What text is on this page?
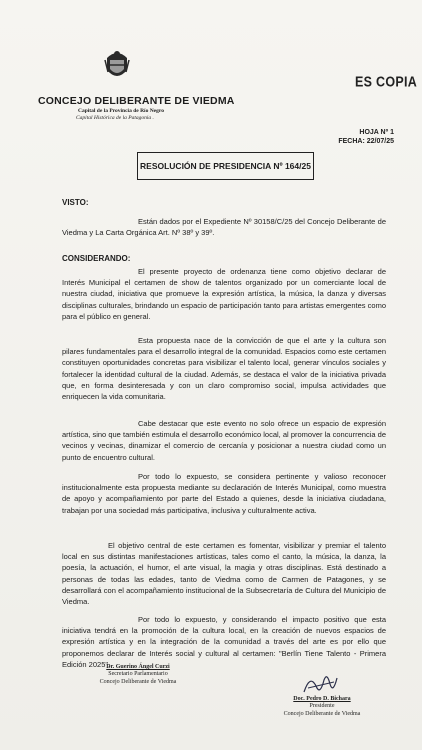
CONCEJO DELIBERANTE DE VIEDMA
Capital de la Provincia de Río Negro
Capital Histórica de la Patagonia .
ES COPIA
HOJA Nº 1
FECHA: 22/07/25
RESOLUCIÓN DE PRESIDENCIA Nº 164/25
VISTO:
Están dados por el Expediente Nº 30158/C/25 del Concejo Deliberante de Viedma y La Carta Orgánica Art. Nº 38º y 39º.
CONSIDERANDO:
El presente proyecto de ordenanza tiene como objetivo declarar de Interés Municipal el certamen de show de talentos organizado por un comerciante local de nuestra ciudad, iniciativa que promueve la expresión artística, la música, la danza y diversas disciplinas culturales, brindando un espacio de participación tanto para artistas emergentes como para el público en general.
Esta propuesta nace de la convicción de que el arte y la cultura son pilares fundamentales para el desarrollo integral de la comunidad. Espacios como este certamen constituyen oportunidades concretas para visibilizar el talento local, generar vínculos sociales y fortalecer la identidad cultural de la ciudad. Además, se destaca el valor de la iniciativa privada que, en forma desinteresada y con un claro compromiso social, impulsa actividades que enriquecen la vida comunitaria.
Cabe destacar que este evento no solo ofrece un espacio de expresión artística, sino que también estimula el desarrollo económico local, al promover la concurrencia de vecinos y vecinas, dinamizar el comercio de cercanía y posicionar a nuestra ciudad como un punto de encuentro cultural.
Por todo lo expuesto, se considera pertinente y valioso reconocer institucionalmente esta propuesta mediante su declaración de Interés Municipal, como muestra de apoyo y acompañamiento por parte del Estado a quienes, desde la iniciativa ciudadana, trabajan por una sociedad más participativa, inclusiva y culturalmente activa.
El objetivo central de este certamen es fomentar, visibilizar y premiar el talento local en sus distintas manifestaciones artísticas, tales como el canto, la música, la danza, la poesía, la actuación, el humor, el arte visual, la magia y otras disciplinas. Está destinado a personas de todas las edades, tanto de Viedma como de Carmen de Patagones, y se desarrollará con el acompañamiento institucional de la Subsecretaría de Cultura del Municipio de Viedma.
Por todo lo expuesto, y considerando el impacto positivo que esta iniciativa tendrá en la promoción de la cultura local, en la creación de nuevos espacios de expresión artística y en la integración de la comunidad a través del arte es por ello que proponemos declarar de Interés social y cultural al certamen: "Berlín Tiene Talento - Primera Edición 2025".
Dr. Guerino Ángel Curzi
Secretario Parlamentario
Concejo Deliberante de Viedma
Doc. Pedro D. Bichara
Presidente
Concejo Deliberante de Viedma
